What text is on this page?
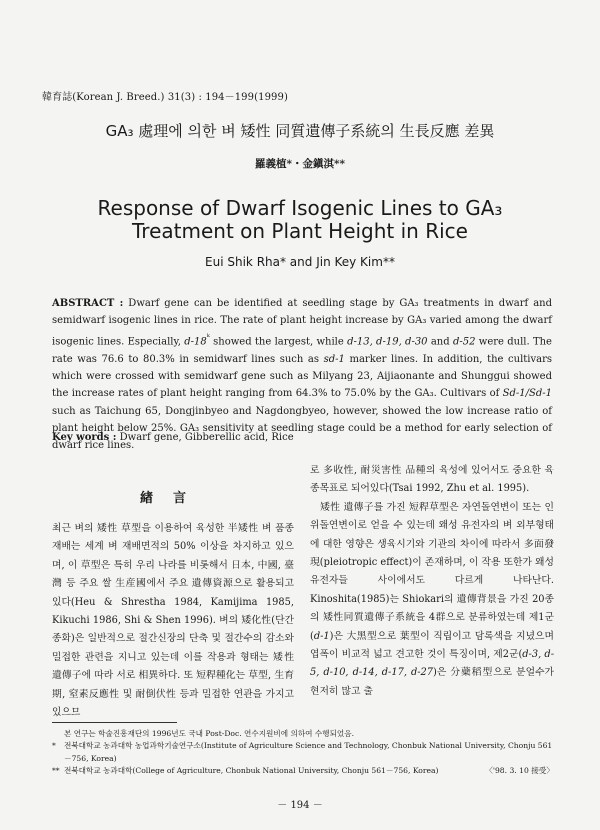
韓育誌(Korean J. Breed.) 31(3) : 194－199(1999)
GA₃ 處理에 의한 벼 矮性 同質遺傳子系統의 生長反應 差異
羅義植*・金鎭淇**
Response of Dwarf Isogenic Lines to GA₃ Treatment on Plant Height in Rice
Eui Shik Rha* and Jin Key Kim**
ABSTRACT : Dwarf gene can be identified at seedling stage by GA₃ treatments in dwarf and semidwarf isogenic lines in rice. The rate of plant height increase by GA₃ varied among the dwarf isogenic lines. Especially, $d-18^ᵏ$ showed the largest, while d-13, d-19, d-30 and d-52 were dull. The rate was 76.6 to 80.3% in semidwarf lines such as sd-1 marker lines. In addition, the cultivars which were crossed with semidwarf gene such as Milyang 23, Aijiaonante and Shunggui showed the increase rates of plant height ranging from 64.3% to 75.0% by the GA₃. Cultivars of Sd-1/Sd-1 such as Taichung 65, Dongjinbyeo and Nagdongbyeo, however, showed the low increase ratio of plant height below 25%. GA₃ sensitivity at seedling stage could be a method for early selection of dwarf rice lines.
Key words : Dwarf gene, Gibberellic acid, Rice
緖言
최근 벼의 矮性 草型을 이용하여 육성한 半矮性 벼 품종 재배는 세계 벼 재배면적의 50% 이상을 차지하고 있으며, 이 草型은 특히 우리 나라를 비롯해서 日本, 中國, 臺灣 등 주요 쌀 生産國에서 주요 遺傳資源으로 활용되고 있다(Heu & Shrestha 1984, Kamijima 1985, Kikuchi 1986, Shi & Shen 1996). 벼의 矮化性(단간종화)은 일반적으로 절간신장의 단축 및 절간수의 감소와 밀접한 관련을 지니고 있는데 이를 작용과 형태는 矮性 遺傳子에 따라 서로 相異하다. 또 短稈種化는 草型, 生育期, 窒素反應性 및 耐倒伏性 등과 밀접한 연관을 가지고 있으므
로 多收性, 耐災害性 品種의 육성에 있어서도 중요한 육종목표로 되어있다(Tsai 1992, Zhu et al. 1995).
 矮性 遺傳子를 가진 短稈草型은 자연돌연변이 또는 인위돌연변이로 얻을 수 있는데 왜성 유전자의 벼 외부형태에 대한 영향은 생육시기와 기관의 차이에 따라서 多面發現(pleiotropic effect)이 존재하며, 이 작용 또한가 왜성 유전자들 사이에서도 다르게 나타난다. Kinoshita(1985)는 Shiokari의 遺傳背景을 가진 20종의 矮性同質遺傳子系統을 4群으로 분류하였는데 제1군(d-1)은 大黑型으로 葉型이 직립이고 담록색을 지녔으며 엽폭이 비교적 넓고 견고한 것이 특징이며, 제2군(d-3, d-5, d-10, d-14, d-17, d-27)은 分蘗稻型으로 분얼수가 현저히 많고 출
본 연구는 학술진흥재단의 1996년도 국내 Post-Doc. 연수지원비에 의하여 수행되었음.
* 전북대학교 농과대학 농업과학기술연구소(Institute of Agriculture Science and Technology, Chonbuk National University, Chonju 561－756, Korea)
** 전북대학교 농과대학(College of Agriculture, Chonbuk National University, Chonju 561－756, Korea)	〈'98. 3. 10 接受〉
－ 194 －
